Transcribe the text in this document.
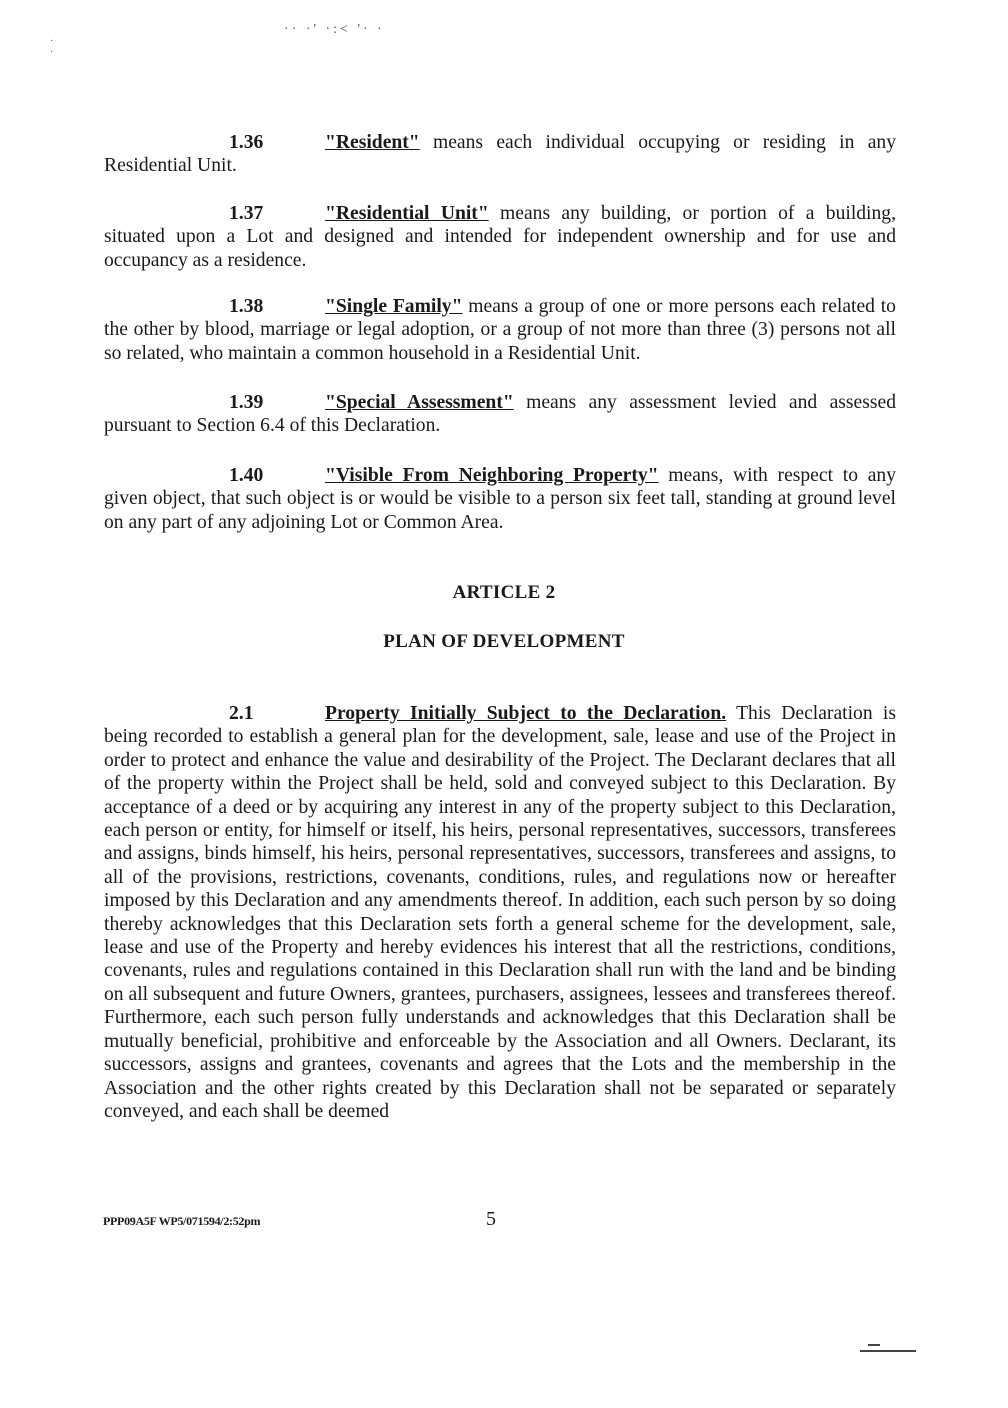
·· ·' ·:< '· ·
·
·
1.36	"Resident" means each individual occupying or residing in any Residential Unit.
1.37	"Residential Unit" means any building, or portion of a building, situated upon a Lot and designed and intended for independent ownership and for use and occupancy as a residence.
1.38	"Single Family" means a group of one or more persons each related to the other by blood, marriage or legal adoption, or a group of not more than three (3) persons not all so related, who maintain a common household in a Residential Unit.
1.39	"Special Assessment" means any assessment levied and assessed pursuant to Section 6.4 of this Declaration.
1.40	"Visible From Neighboring Property" means, with respect to any given object, that such object is or would be visible to a person six feet tall, standing at ground level on any part of any adjoining Lot or Common Area.
ARTICLE 2
PLAN OF DEVELOPMENT
2.1	Property Initially Subject to the Declaration. This Declaration is being recorded to establish a general plan for the development, sale, lease and use of the Project in order to protect and enhance the value and desirability of the Project. The Declarant declares that all of the property within the Project shall be held, sold and conveyed subject to this Declaration. By acceptance of a deed or by acquiring any interest in any of the property subject to this Declaration, each person or entity, for himself or itself, his heirs, personal representatives, successors, transferees and assigns, binds himself, his heirs, personal representatives, successors, transferees and assigns, to all of the provisions, restrictions, covenants, conditions, rules, and regulations now or hereafter imposed by this Declaration and any amendments thereof. In addition, each such person by so doing thereby acknowledges that this Declaration sets forth a general scheme for the development, sale, lease and use of the Property and hereby evidences his interest that all the restrictions, conditions, covenants, rules and regulations contained in this Declaration shall run with the land and be binding on all subsequent and future Owners, grantees, purchasers, assignees, lessees and transferees thereof. Furthermore, each such person fully understands and acknowledges that this Declaration shall be mutually beneficial, prohibitive and enforceable by the Association and all Owners. Declarant, its successors, assigns and grantees, covenants and agrees that the Lots and the membership in the Association and the other rights created by this Declaration shall not be separated or separately conveyed, and each shall be deemed
PPP09A5F WP5/071594/2:52pm	5
